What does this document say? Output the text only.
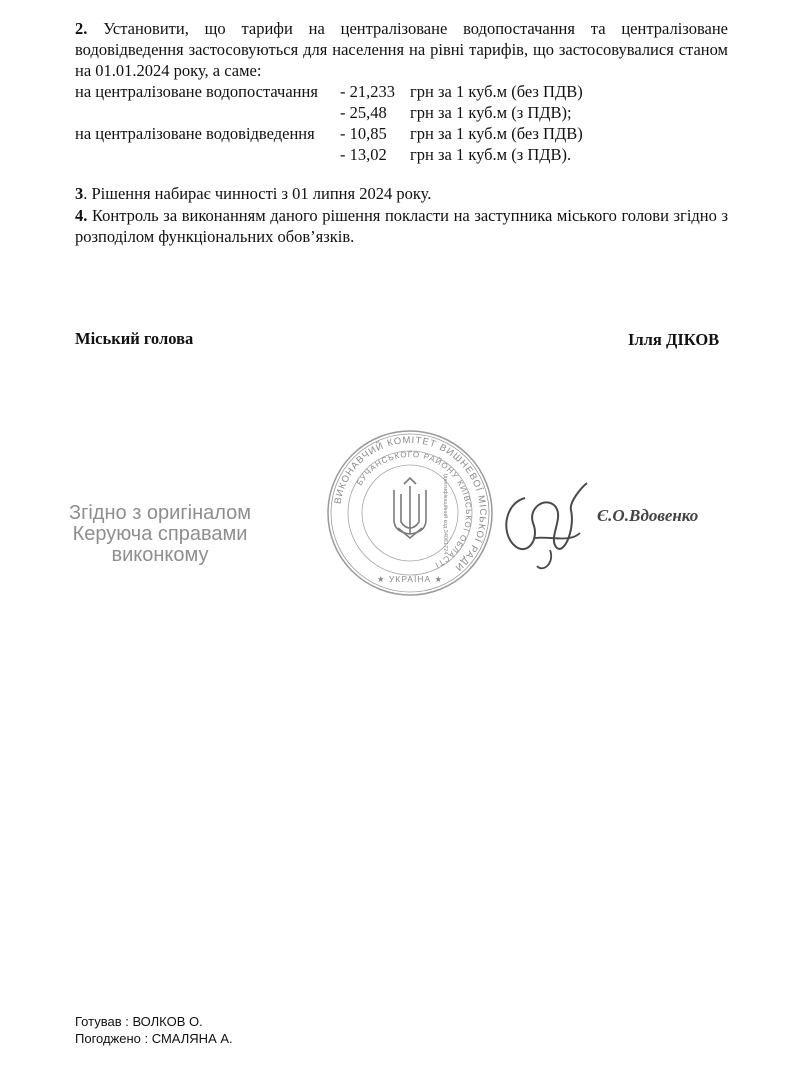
2. Установити, що тарифи на централізоване водопостачання та централізоване водовідведення застосовуються для населення на рівні тарифів, що застосовувалися станом на 01.01.2024 року, а саме:
на централізоване водопостачання - 21,233 грн за 1 куб.м (без ПДВ)
- 25,48 грн за 1 куб.м (з ПДВ);
на централізоване водовідведення - 10,85 грн за 1 куб.м (без ПДВ)
- 13,02 грн за 1 куб.м (з ПДВ).
3. Рішення набирає чинності з 01 липня 2024 року.
4. Контроль за виконанням даного рішення покласти на заступника міського голови згідно з розподілом функціональних обов’язків.
Міський голова	Ілля ДІКОВ
Згідно з оригіналом
Керуюча справами
виконкому
ВИКОНАВЧИЙ КОМІТЕТ ВИШНЕВОЇ МІСЬКОЇ РАДИ
БУЧАНСЬКОГО РАЙОНУ КИЇВСЬКОЇ ОБЛАСТІ
★ УКРАЇНА ★
Ідентифікаційний код 34061724	Є.О.Вдовенко
Готував : ВОЛКОВ О.
Погоджено : СМАЛЯНА А.
